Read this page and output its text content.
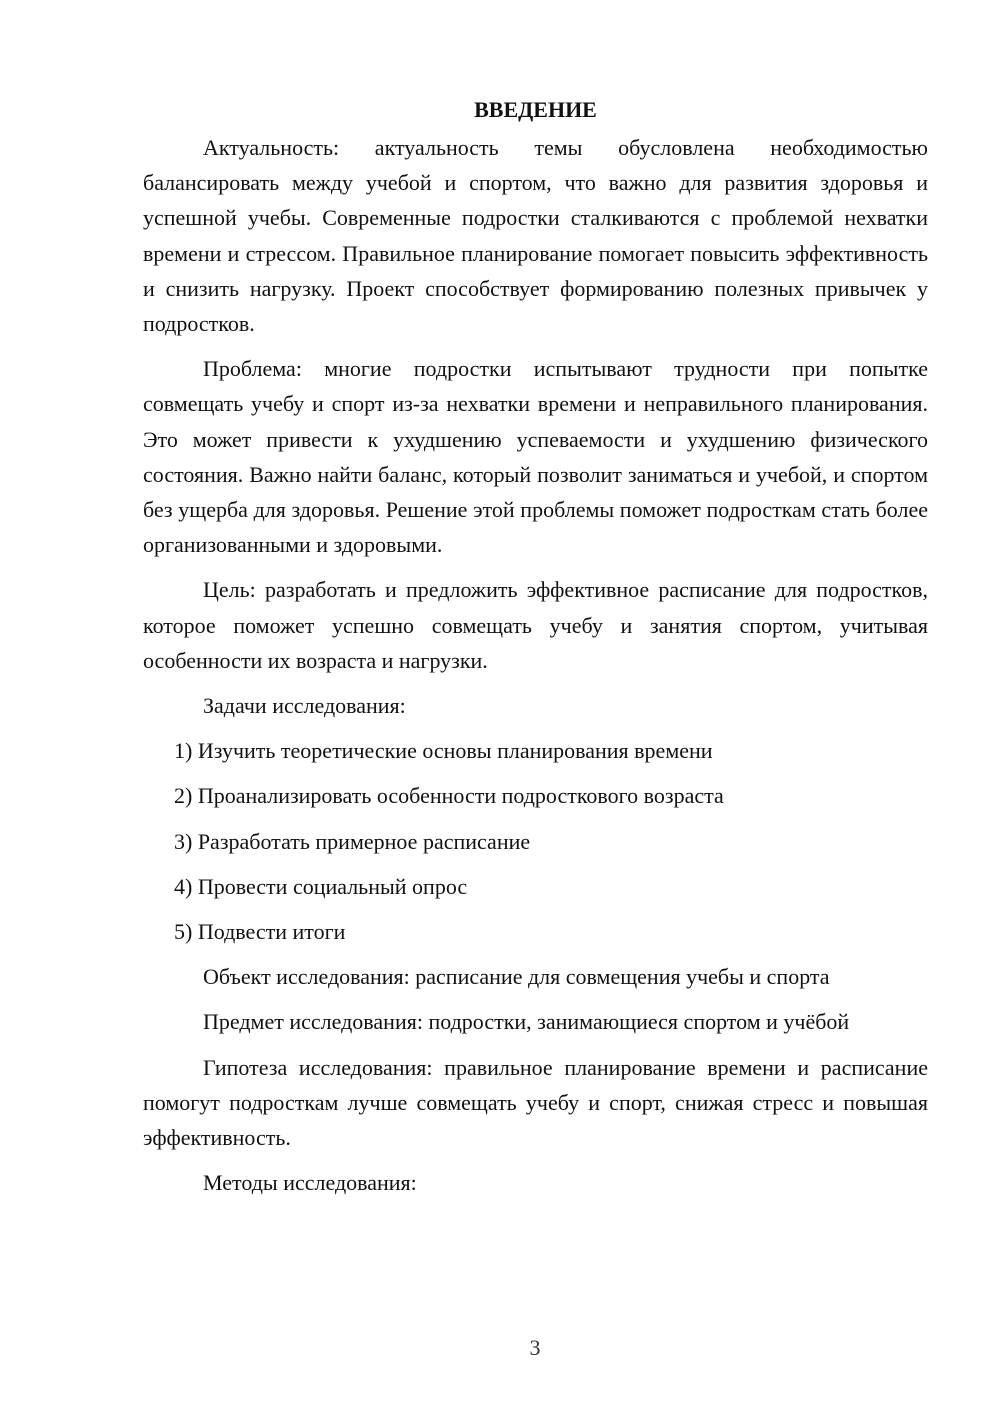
ВВЕДЕНИЕ

Актуальность: актуальность темы обусловлена необходимостью балансировать между учебой и спортом, что важно для развития здоровья и успешной учебы. Современные подростки сталкиваются с проблемой нехватки времени и стрессом. Правильное планирование помогает повысить эффективность и снизить нагрузку. Проект способствует формированию полезных привычек у подростков.

Проблема: многие подростки испытывают трудности при попытке совмещать учебу и спорт из-за нехватки времени и неправильного планирования. Это может привести к ухудшению успеваемости и ухудшению физического состояния. Важно найти баланс, который позволит заниматься и учебой, и спортом без ущерба для здоровья. Решение этой проблемы поможет подросткам стать более организованными и здоровыми.

Цель: разработать и предложить эффективное расписание для подростков, которое поможет успешно совмещать учебу и занятия спортом, учитывая особенности их возраста и нагрузки.

Задачи исследования:

1) Изучить теоретические основы планирования времени
2) Проанализировать особенности подросткового возраста
3) Разработать примерное расписание
4) Провести социальный опрос
5) Подвести итоги

Объект исследования: расписание для совмещения учебы и спорта

Предмет исследования: подростки, занимающиеся спортом и учёбой

Гипотеза исследования: правильное планирование времени и расписание помогут подросткам лучше совмещать учебу и спорт, снижая стресс и повышая эффективность.

Методы исследования:

3
